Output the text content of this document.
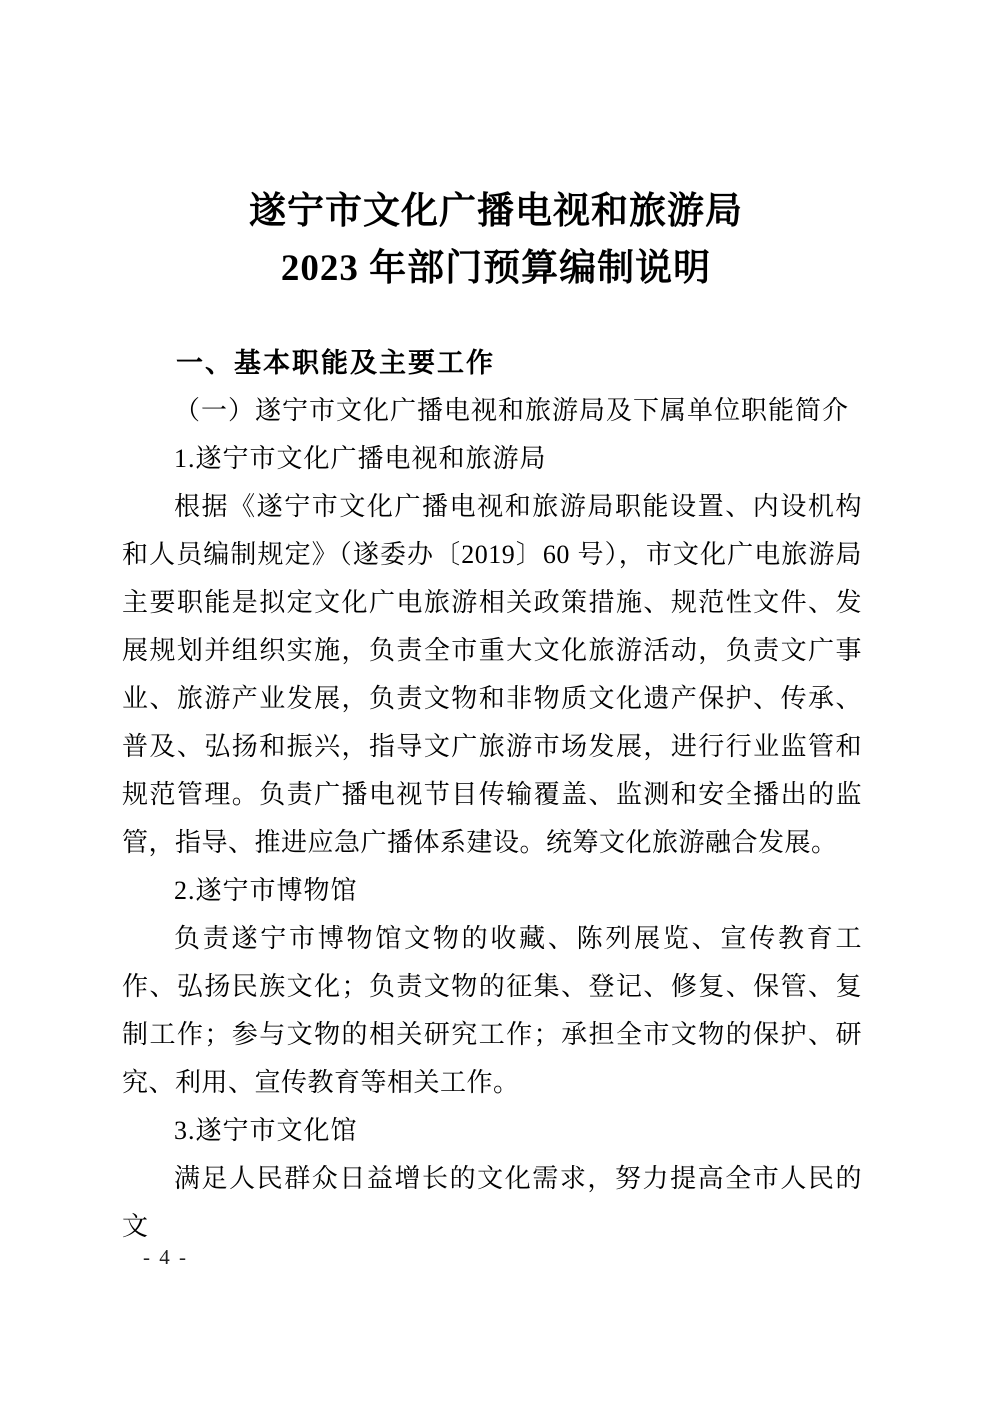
遂宁市文化广播电视和旅游局
2023 年部门预算编制说明
一、基本职能及主要工作
（一）遂宁市文化广播电视和旅游局及下属单位职能简介
1.遂宁市文化广播电视和旅游局

根据《遂宁市文化广播电视和旅游局职能设置、内设机构和人员编制规定》（遂委办〔2019〕60 号），市文化广电旅游局主要职能是拟定文化广电旅游相关政策措施、规范性文件、发展规划并组织实施，负责全市重大文化旅游活动，负责文广事业、旅游产业发展，负责文物和非物质文化遗产保护、传承、普及、弘扬和振兴，指导文广旅游市场发展，进行行业监管和规范管理。负责广播电视节目传输覆盖、监测和安全播出的监管，指导、推进应急广播体系建设。统筹文化旅游融合发展。

2.遂宁市博物馆

负责遂宁市博物馆文物的收藏、陈列展览、宣传教育工作、弘扬民族文化；负责文物的征集、登记、修复、保管、复制工作；参与文物的相关研究工作；承担全市文物的保护、研究、利用、宣传教育等相关工作。

3.遂宁市文化馆

满足人民群众日益增长的文化需求，努力提高全市人民的文

- 4 -
